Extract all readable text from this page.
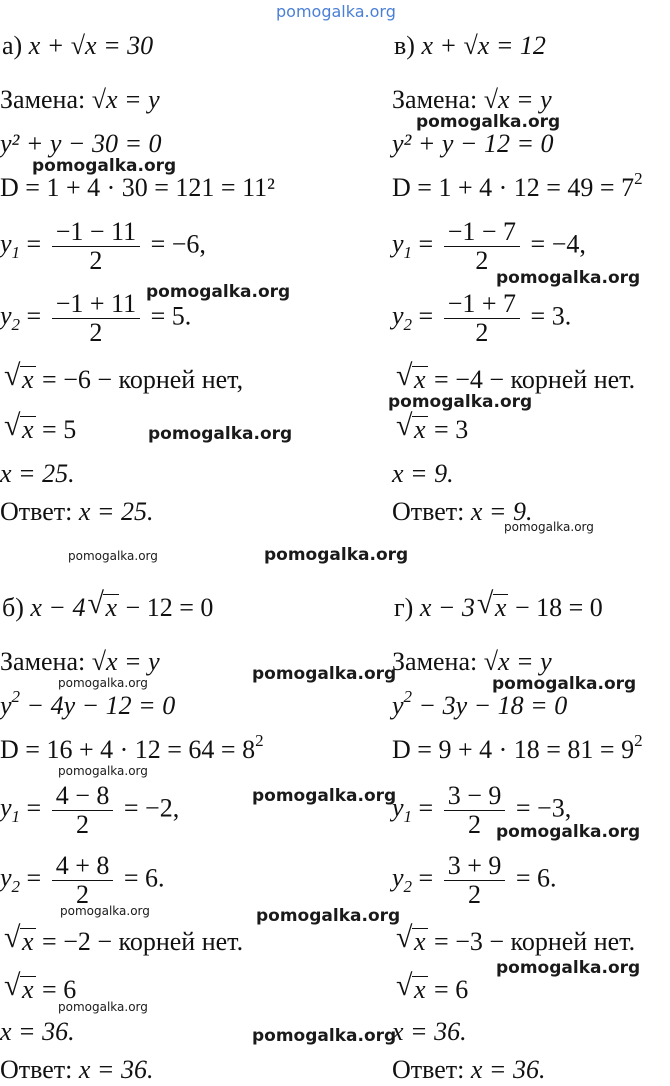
pomogalka.org
pomogalka.org
pomogalka.org
pomogalka.org
pomogalka.org
pomogalka.org
pomogalka.org
pomogalka.org
pomogalka.org	pomogalka.org
pomogalka.org
pomogalka.org	pomogalka.org
pomogalka.org
pomogalka.org
pomogalka.org
pomogalka.org	pomogalka.org
pomogalka.org
pomogalka.org
pomogalka.org
а) x + √x = 30
Замена: √x = y
y² + y − 30 = 0
D = 1 + 4 · 30 = 121 = 11²
$y_1 = \frac{-1 - 11}{2} = -6$,
$y_2 = \frac{-1 + 11}{2} = 5$.
√ x = −6 − корней нет,
√ x = 5
x = 25.
Ответ: x = 25.
в) x + √x = 12
Замена: √x = y
y² + y − 12 = 0
$D = 1 + 4 \cdot 12 = 49 = 7^2$
$y_1 = \frac{-1 - 7}{2} = -4$,
$y_2 = \frac{-1 + 7}{2} = 3$.
√ x = −4 − корней нет.
√ x = 3
x = 9.
Ответ: x = 9.
б) x − 4 √ x − 12 = 0
Замена: √x = y
$y^2 - 4y - 12 = 0$
$D = 16 + 4 \cdot 12 = 64 = 8^2$
$y_1 = \frac{4 - 8}{2} = -2$,
$y_2 = \frac{4 + 8}{2} = 6$.
√ x = −2 − корней нет.
√ x = 6
x = 36.
Ответ: x = 36.
г) x − 3 √ x − 18 = 0
Замена: √x = y
$y^2 - 3y - 18 = 0$
$D = 9 + 4 \cdot 18 = 81 = 9^2$
$y_1 = \frac{3 - 9}{2} = -3$,
$y_2 = \frac{3 + 9}{2} = 6$.
√ x = −3 − корней нет.
√ x = 6
x = 36.
Ответ: x = 36.
